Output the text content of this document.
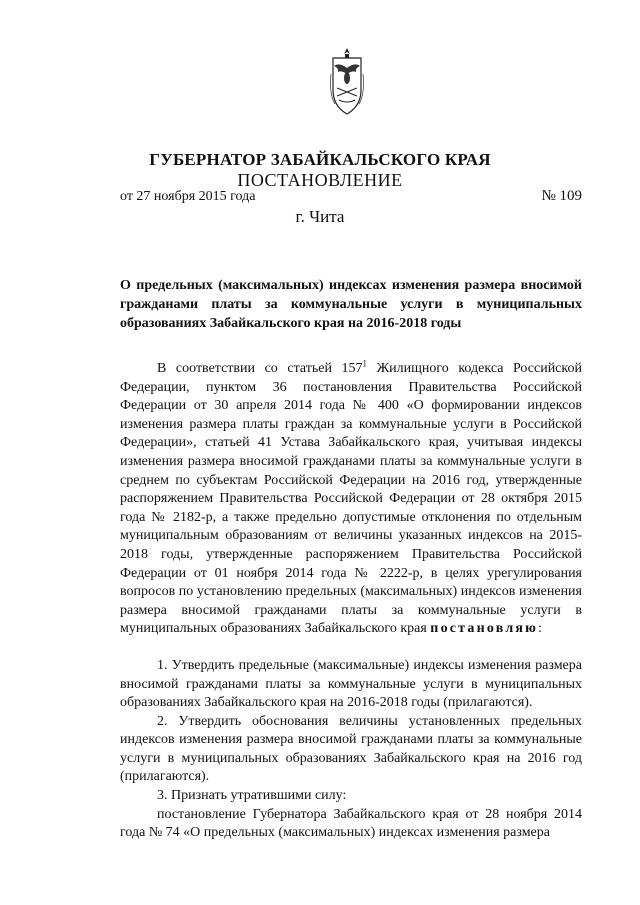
ГУБЕРНАТОР ЗАБАЙКАЛЬСКОГО КРАЯ
ПОСТАНОВЛЕНИЕ
от 27 ноября 2015 года	№ 109
г. Чита
О предельных (максимальных) индексах изменения размера вносимой гражданами платы за коммунальные услуги в муниципальных образованиях Забайкальского края на 2016-2018 годы

В соответствии со статьей $157^1$ Жилищного кодекса Российской Федерации, пунктом 36 постановления Правительства Российской Федерации от 30 апреля 2014 года № 400 «О формировании индексов изменения размера платы граждан за коммунальные услуги в Российской Федерации», статьей 41 Устава Забайкальского края, учитывая индексы изменения размера вносимой гражданами платы за коммунальные услуги в среднем по субъектам Российской Федерации на 2016 год, утвержденные распоряжением Правительства Российской Федерации от 28 октября 2015 года № 2182-р, а также предельно допустимые отклонения по отдельным муниципальным образованиям от величины указанных индексов на 2015-2018 годы, утвержденные распоряжением Правительства Российской Федерации от 01 ноября 2014 года № 2222-р, в целях урегулирования вопросов по установлению предельных (максимальных) индексов изменения размера вносимой гражданами платы за коммунальные услуги в муниципальных образованиях Забайкальского края постановляю:

1. Утвердить предельные (максимальные) индексы изменения размера вносимой гражданами платы за коммунальные услуги в муниципальных образованиях Забайкальского края на 2016-2018 годы (прилагаются).

2. Утвердить обоснования величины установленных предельных индексов изменения размера вносимой гражданами платы за коммунальные услуги в муниципальных образованиях Забайкальского края на 2016 год (прилагаются).

3. Признать утратившими силу:

постановление Губернатора Забайкальского края от 28 ноября 2014 года № 74 «О предельных (максимальных) индексах изменения размера
